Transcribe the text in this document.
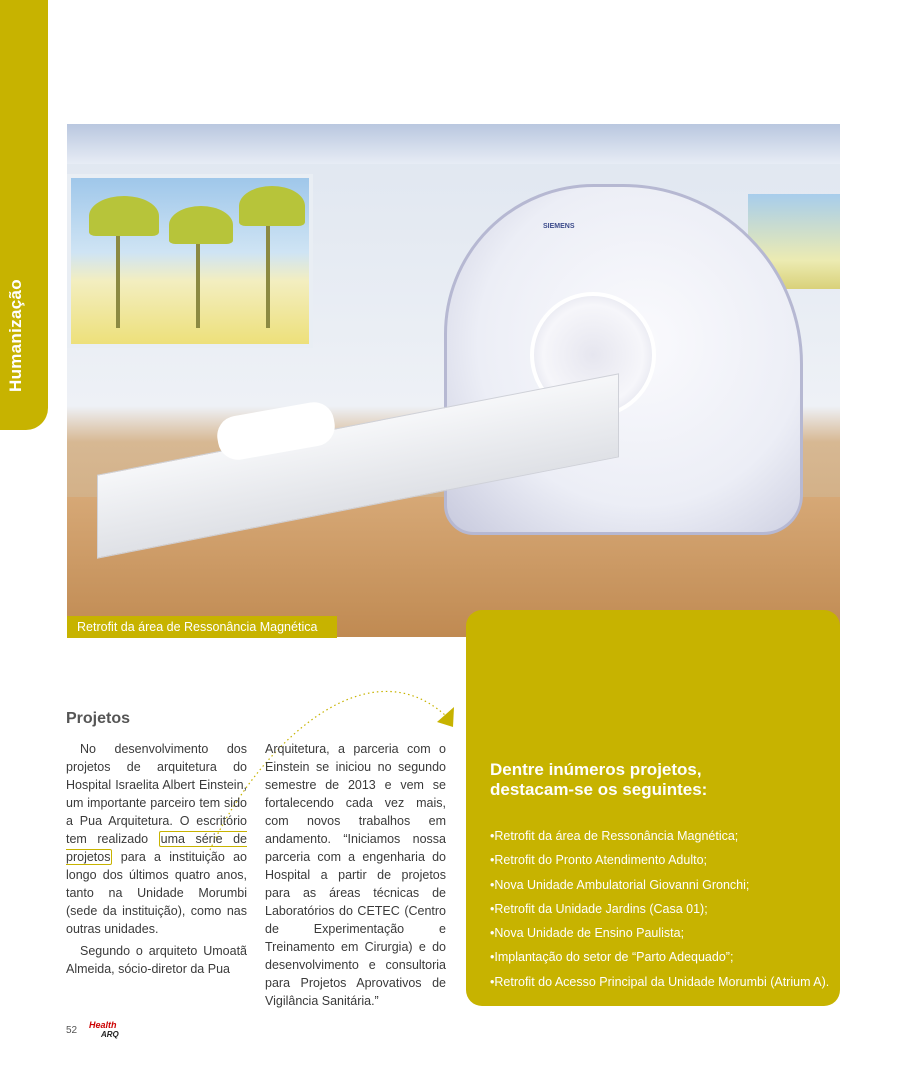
Humanização
SIEMENS
Retrofit da área de Ressonância Magnética
Dentre inúmeros projetos,
destacam-se os seguintes:
•Retrofit da área de Ressonância Magnética;
•Retrofit do Pronto Atendimento Adulto;
•Nova Unidade Ambulatorial Giovanni Gronchi;
•Retrofit da Unidade Jardins (Casa 01);
•Nova Unidade de Ensino Paulista;
•Implantação do setor de “Parto Adequado”;
•Retrofit do Acesso Principal da Unidade Morumbi (Atrium A).
Projetos

No desenvolvimento dos projetos de arquitetura do Hospital Israelita Albert Einstein, um importante parceiro tem sido a Pua Arquitetura. O escritório tem realizado uma série de projetos para a instituição ao longo dos últimos quatro anos, tanto na Unidade Morumbi (sede da instituição), como nas outras unidades.

Segundo o arquiteto Umoatã Almeida, sócio-diretor da Pua

Arquitetura, a parceria com o Einstein se iniciou no segundo semestre de 2013 e vem se fortalecendo cada vez mais, com novos trabalhos em andamento. “Iniciamos nossa parceria com a engenharia do Hospital a partir de projetos para as áreas técnicas de Laboratórios do CETEC (Centro de Experimentação e Treinamento em Cirurgia) e do desenvolvimento e consultoria para Projetos Aprovativos de Vigilância Sanitária.”

52 Health
ARQ
